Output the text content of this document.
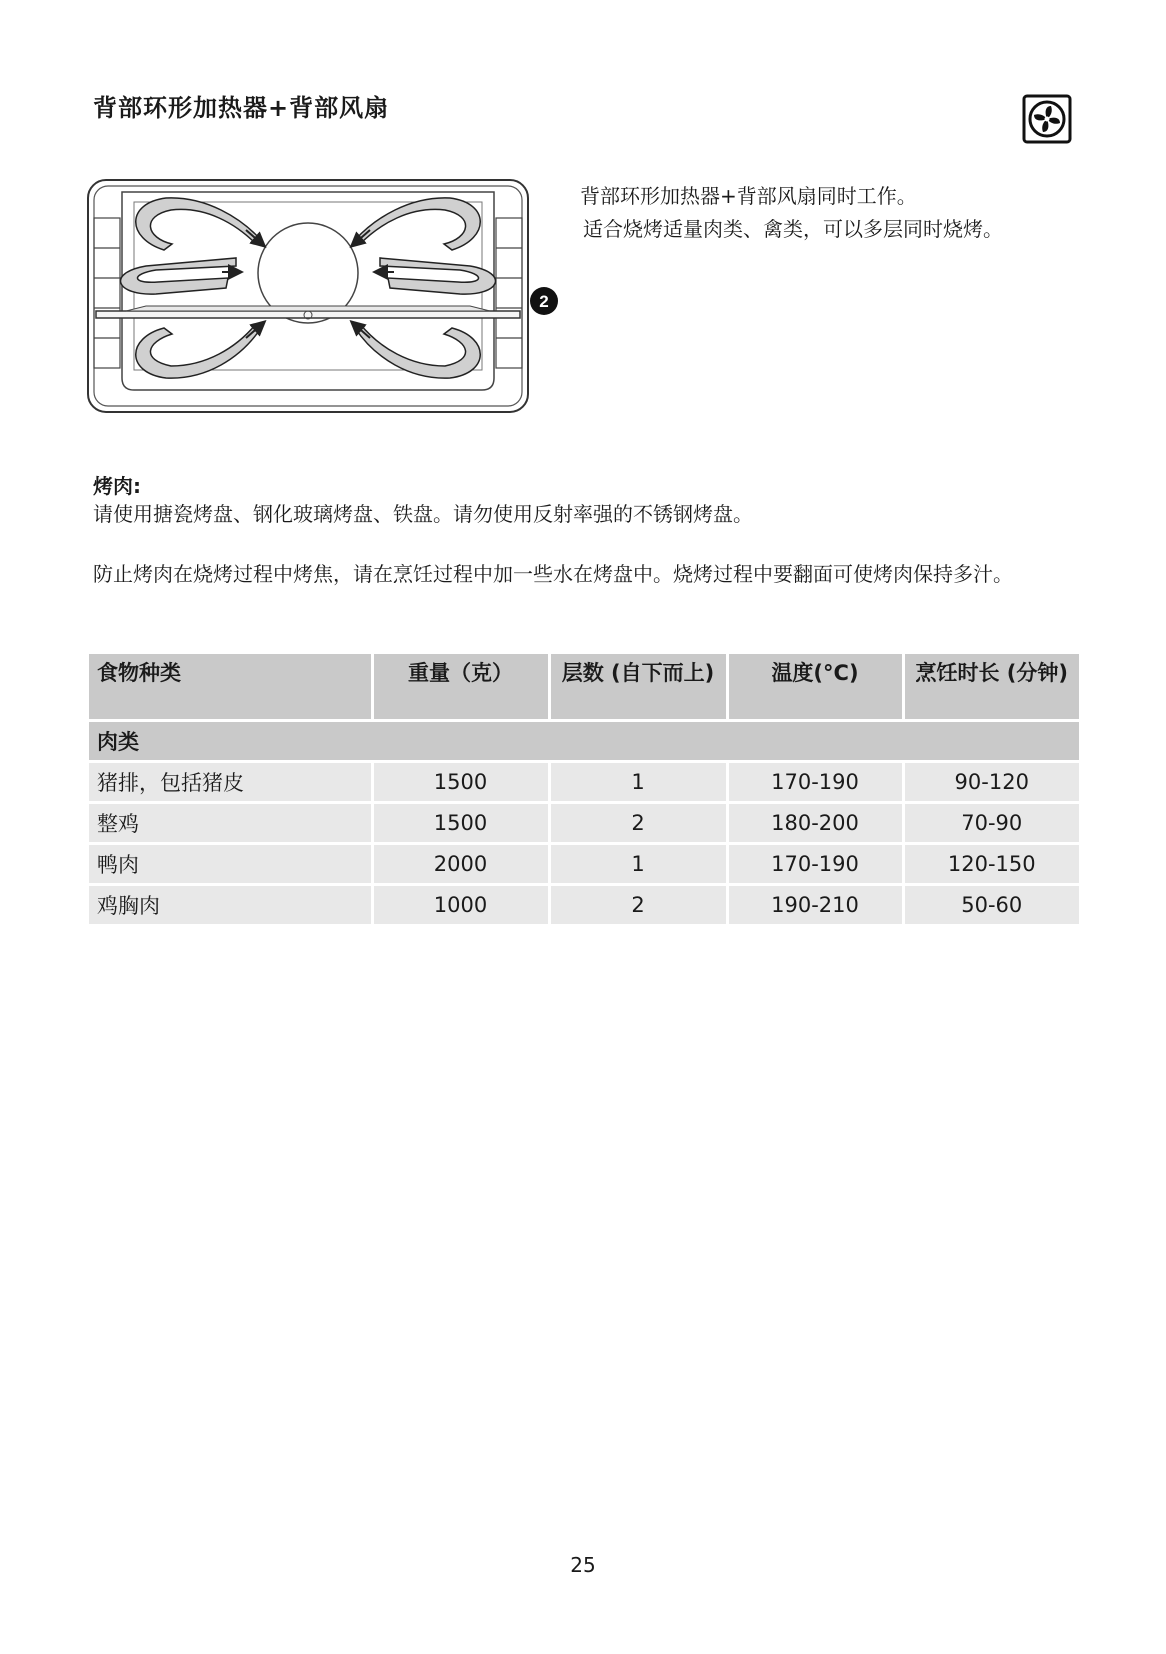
背部环形加热器+背部风扇
2

背部环形加热器+背部风扇同时工作。

适合烧烤适量肉类、禽类，可以多层同时烧烤。

烤肉:

请使用搪瓷烤盘、钢化玻璃烤盘、铁盘。请勿使用反射率强的不锈钢烤盘。

防止烤肉在烧烤过程中烤焦，请在烹饪过程中加一些水在烤盘中。烧烤过程中要翻面可使烤肉保持多汁。

食物种类	重量（克）	层数 (自下而上)	温度(°C)	烹饪时长 (分钟)
肉类				
猪排，包括猪皮	1500	1	170-190	90-120
整鸡	1500	2	180-200	70-90
鸭肉	2000	1	170-190	120-150
鸡胸肉	1000	2	190-210	50-60
25
